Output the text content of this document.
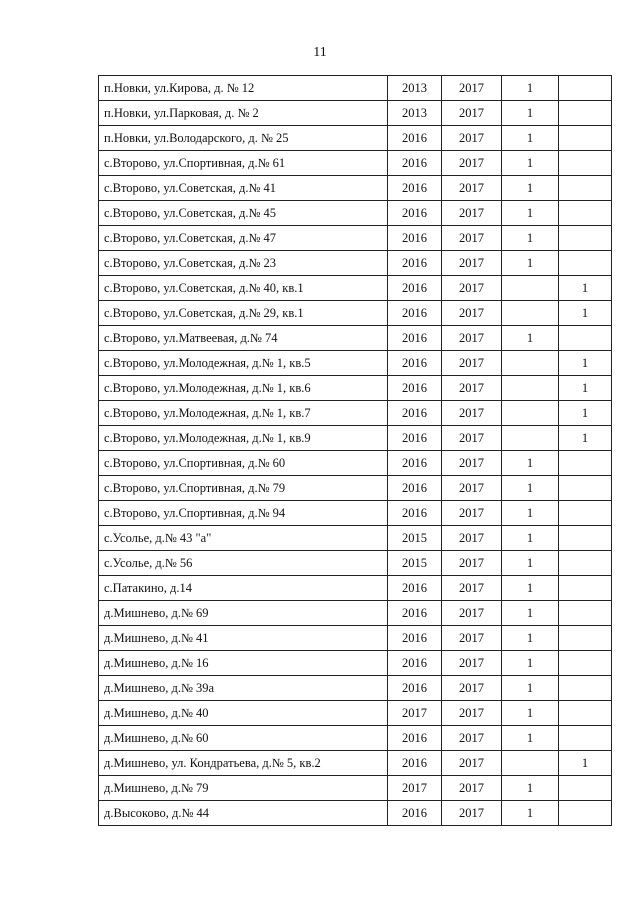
11
п.Новки, ул.Кирова, д. № 12	2013	2017	1	
п.Новки, ул.Парковая, д. № 2	2013	2017	1	
п.Новки, ул.Володарского, д. № 25	2016	2017	1	
с.Второво, ул.Спортивная, д.№ 61	2016	2017	1	
с.Второво, ул.Советская, д.№ 41	2016	2017	1	
с.Второво, ул.Советская, д.№ 45	2016	2017	1	
с.Второво, ул.Советская, д.№ 47	2016	2017	1	
с.Второво, ул.Советская, д.№ 23	2016	2017	1	
с.Второво, ул.Советская, д.№ 40, кв.1	2016	2017		1
с.Второво, ул.Советская, д.№ 29, кв.1	2016	2017		1
с.Второво, ул.Матвеевая, д.№ 74	2016	2017	1	
с.Второво, ул.Молодежная, д.№ 1, кв.5	2016	2017		1
с.Второво, ул.Молодежная, д.№ 1, кв.6	2016	2017		1
с.Второво, ул.Молодежная, д.№ 1, кв.7	2016	2017		1
с.Второво, ул.Молодежная, д.№ 1, кв.9	2016	2017		1
с.Второво, ул.Спортивная, д.№ 60	2016	2017	1	
с.Второво, ул.Спортивная, д.№ 79	2016	2017	1	
с.Второво, ул.Спортивная, д.№ 94	2016	2017	1	
с.Усолье, д.№ 43 "а"	2015	2017	1	
с.Усолье, д.№ 56	2015	2017	1	
с.Патакино, д.14	2016	2017	1	
д.Мишнево, д.№ 69	2016	2017	1	
д.Мишнево, д.№ 41	2016	2017	1	
д.Мишнево, д.№ 16	2016	2017	1	
д.Мишнево, д.№ 39а	2016	2017	1	
д.Мишнево, д.№ 40	2017	2017	1	
д.Мишнево, д.№ 60	2016	2017	1	
д.Мишнево, ул. Кондратьева, д.№ 5, кв.2	2016	2017		1
д.Мишнево, д.№ 79	2017	2017	1	
д.Высоково, д.№ 44	2016	2017	1	
